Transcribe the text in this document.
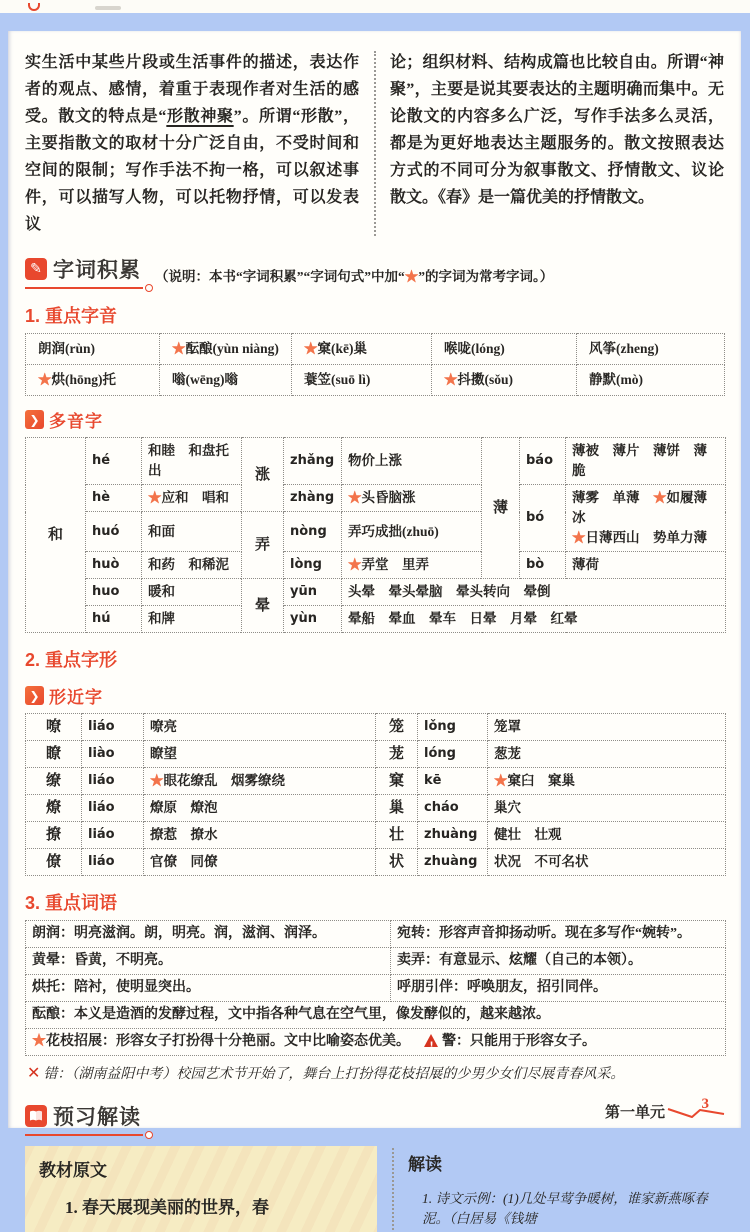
实生活中某些片段或生活事件的描述，表达作者的观点、感情，着重于表现作者对生活的感受。散文的特点是“形散神聚”。所谓“形散”，主要指散文的取材十分广泛自由，不受时间和空间的限制；写作手法不拘一格，可以叙述事件，可以描写人物，可以托物抒情，可以发表议

论；组织材料、结构成篇也比较自由。所谓“神聚”，主要是说其要表达的主题明确而集中。无论散文的内容多么广泛，写作手法多么灵活，都是为更好地表达主题服务的。散文按照表达方式的不同可分为叙事散文、抒情散文、议论散文。《春》是一篇优美的抒情散文。

✎ 字词积累 （说明：本书“字词积累”“字词句式”中加“★”的字词为常考字词。）
1. 重点字音
朗润 •(rùn)	★酝 •酿 •(yùn niàng)	★窠 •(kē)巢	喉咙 •(lóng)	风筝 •(zheng)
★烘 •(hōng)托	嗡 •(wēng)嗡	蓑 •笠 •(suō lì)	★抖擞 •(sǒu)	静默 •(mò)
❯ 多音字
和	hé	和睦　和盘托出	涨	zhǎng	物价上涨	薄	báo	薄被　薄片　薄饼　薄脆
	hè	★应和　唱和		zhàng	★头昏脑涨		bó	薄雾　单薄　★如履薄冰
★日薄西山　势单力薄
	huó	和面	弄	nòng	弄巧成拙(zhuō)			
	huò	和药　和稀泥		lòng	★弄堂　里弄		bò	薄荷
	huo	暖和	晕	yūn	头晕　晕头晕脑　晕头转向　晕倒			
	hú	和牌		yùn	晕船　晕血　晕车　日晕　月晕　红晕			
2. 重点字形
❯ 形近字
嘹	liáo	嘹亮	笼	lǒng	笼罩
瞭	liào	瞭望	茏	lóng	葱茏
缭	liáo	★眼花缭乱　烟雾缭绕	窠	kē	★窠臼　窠巢
燎	liáo	燎原　燎泡	巢	cháo	巢穴
撩	liáo	撩惹　撩水	壮	zhuàng	健壮　壮观
僚	liáo	官僚　同僚	状	zhuàng	状况　不可名状
3. 重点词语
朗润：明亮滋润。朗，明亮。润，滋润、润泽。	宛转：形容声音抑扬动听。现在多写作“婉转”。
黄晕：昏黄，不明亮。	卖弄：有意显示、炫耀（自己的本领）。
烘托：陪衬，使明显突出。	呼朋引伴：呼唤朋友，招引同伴。
酝酿：本义是造酒的发酵过程，文中指各种气息在空气里，像发酵似的，越来越浓。	
★花枝招展：形容女子打扮得十分艳丽。文中比喻姿态优美。 ! 警：只能用于形容女子。

✕ 错：（湖南益阳中考）校园艺术节开始了，舞台上打扮得花 •枝 •招 •展 •的少男少女们尽展青春风采。

预习解读
教材原文
1. 春天展现美丽的世界，春
解读
1. 诗文示例：(1)几处早莺争暖树，谁家新燕啄春泥。（白居易《钱塘
第一单元 3
